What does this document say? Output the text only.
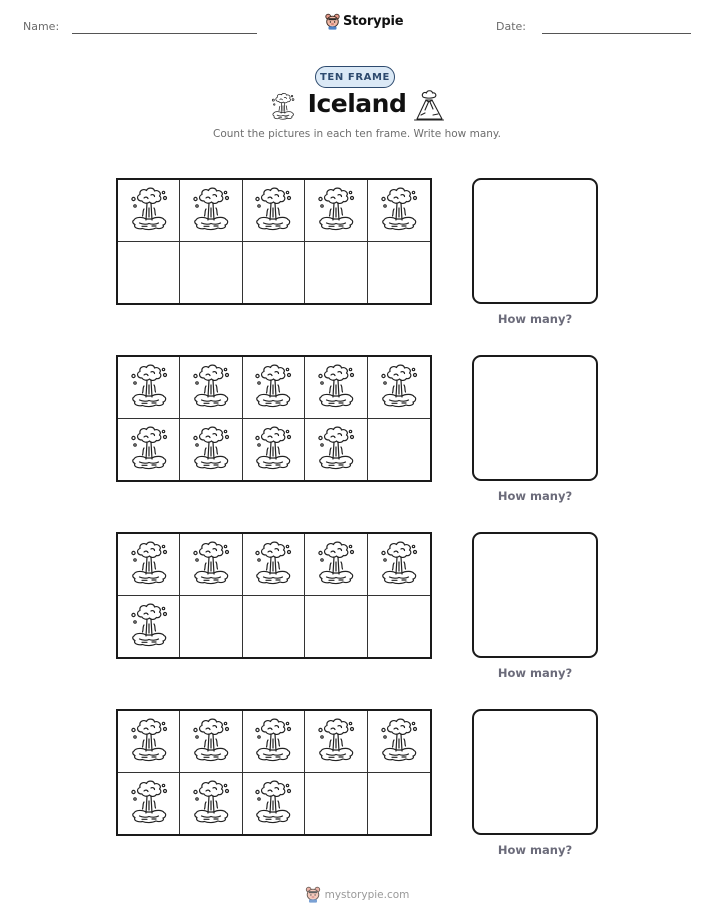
Name:	Storypie	Date:
TEN FRAME
Iceland
Count the pictures in each ten frame. Write how many.
How many?
How many?
How many?
How many?
mystorypie.com
